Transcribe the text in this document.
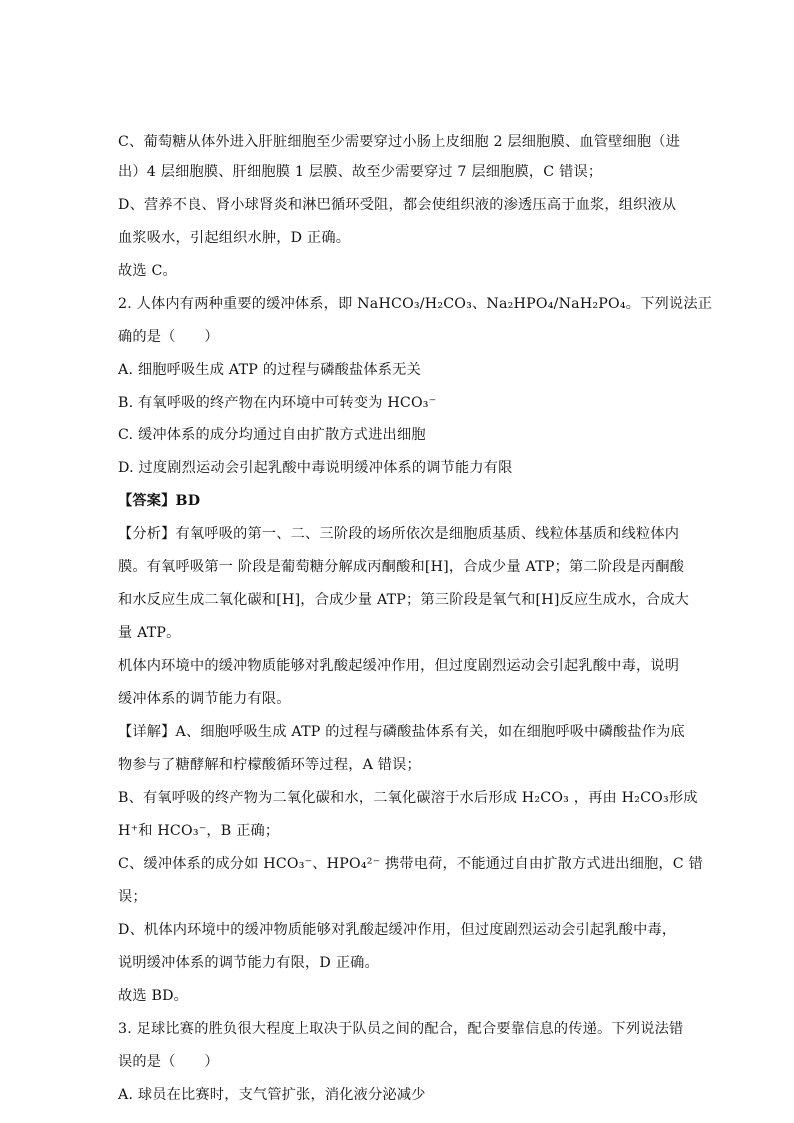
C、葡萄糖从体外进入肝脏细胞至少需要穿过小肠上皮细胞 2 层细胞膜、血管壁细胞（进
出）4 层细胞膜、肝细胞膜 1 层膜、故至少需要穿过 7 层细胞膜，C 错误；
D、营养不良、肾小球肾炎和淋巴循环受阻，都会使组织液的渗透压高于血浆，组织液从
血浆吸水，引起组织水肿，D 正确。
故选 C。
2. 人体内有两种重要的缓冲体系，即 NaHCO₃/H₂CO₃、Na₂HPO₄/NaH₂PO₄。下列说法正
确的是（　　）
A. 细胞呼吸生成 ATP 的过程与磷酸盐体系无关
B. 有氧呼吸的终产物在内环境中可转变为 HCO₃⁻
C. 缓冲体系的成分均通过自由扩散方式进出细胞
D. 过度剧烈运动会引起乳酸中毒说明缓冲体系的调节能力有限
【答案】BD
【分析】有氧呼吸的第一、二、三阶段的场所依次是细胞质基质、线粒体基质和线粒体内
膜。有氧呼吸第一 阶段是葡萄糖分解成丙酮酸和[H]，合成少量 ATP；第二阶段是丙酮酸
和水反应生成二氧化碳和[H]，合成少量 ATP；第三阶段是氧气和[H]反应生成水，合成大
量 ATP。
机体内环境中的缓冲物质能够对乳酸起缓冲作用，但过度剧烈运动会引起乳酸中毒，说明
缓冲体系的调节能力有限。
【详解】A、细胞呼吸生成 ATP 的过程与磷酸盐体系有关，如在细胞呼吸中磷酸盐作为底
物参与了糖酵解和柠檬酸循环等过程，A 错误；
B、有氧呼吸的终产物为二氧化碳和水，二氧化碳溶于水后形成 H₂CO₃ ，再由 H₂CO₃形成
H⁺和 HCO₃⁻，B 正确；
C、缓冲体系的成分如 HCO₃⁻、HPO₄²⁻ 携带电荷，不能通过自由扩散方式进出细胞，C 错
误；
D、机体内环境中的缓冲物质能够对乳酸起缓冲作用，但过度剧烈运动会引起乳酸中毒，
说明缓冲体系的调节能力有限，D 正确。
故选 BD。
3. 足球比赛的胜负很大程度上取决于队员之间的配合，配合要靠信息的传递。下列说法错
误的是（　　）
A. 球员在比赛时，支气管扩张，消化液分泌减少
